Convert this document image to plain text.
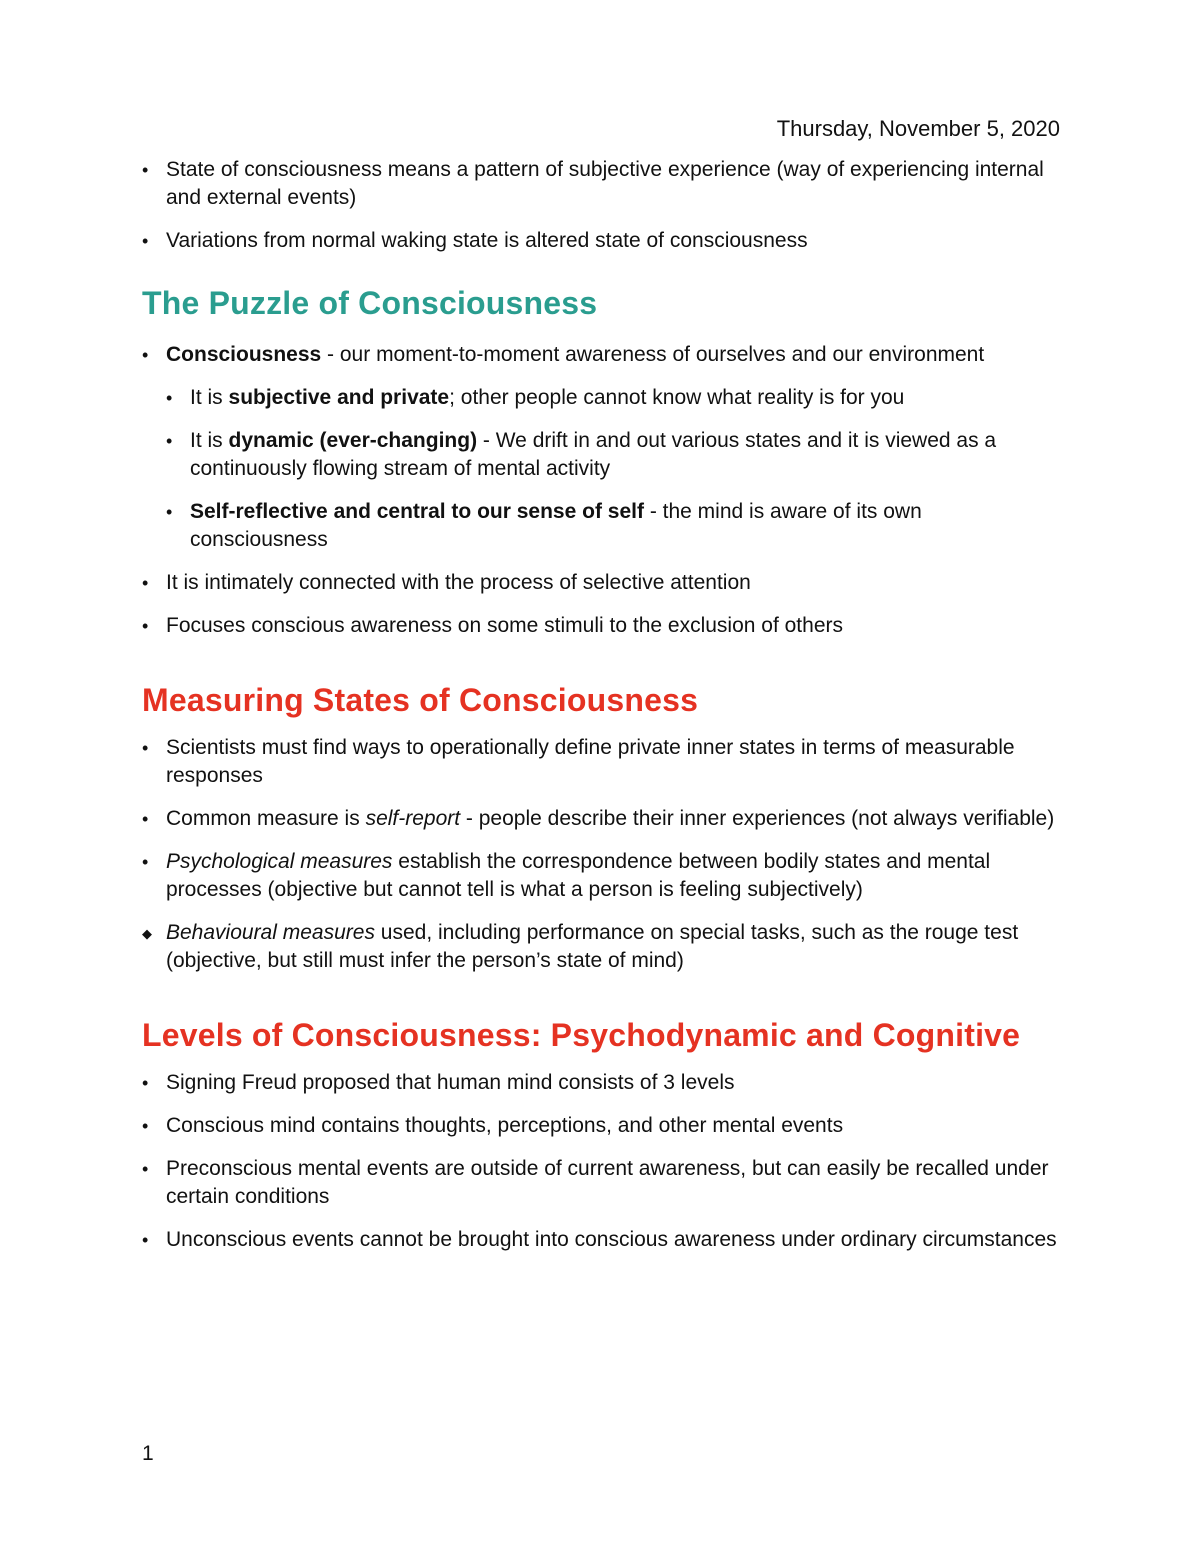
Thursday, November 5, 2020
• State of consciousness means a pattern of subjective experience (way of experiencing internal and external events)
• Variations from normal waking state is altered state of consciousness
The Puzzle of Consciousness
• Consciousness - our moment-to-moment awareness of ourselves and our environment
• It is subjective and private; other people cannot know what reality is for you
• It is dynamic (ever-changing) - We drift in and out various states and it is viewed as a continuously flowing stream of mental activity
• Self-reflective and central to our sense of self - the mind is aware of its own consciousness
• It is intimately connected with the process of selective attention
• Focuses conscious awareness on some stimuli to the exclusion of others
Measuring States of Consciousness
• Scientists must find ways to operationally define private inner states in terms of measurable responses
• Common measure is self-report - people describe their inner experiences (not always verifiable)
• Psychological measures establish the correspondence between bodily states and mental processes (objective but cannot tell is what a person is feeling subjectively)
◆ Behavioural measures used, including performance on special tasks, such as the rouge test (objective, but still must infer the person’s state of mind)
Levels of Consciousness: Psychodynamic and Cognitive
• Signing Freud proposed that human mind consists of 3 levels
• Conscious mind contains thoughts, perceptions, and other mental events
• Preconscious mental events are outside of current awareness, but can easily be recalled under certain conditions
• Unconscious events cannot be brought into conscious awareness under ordinary circumstances
1
